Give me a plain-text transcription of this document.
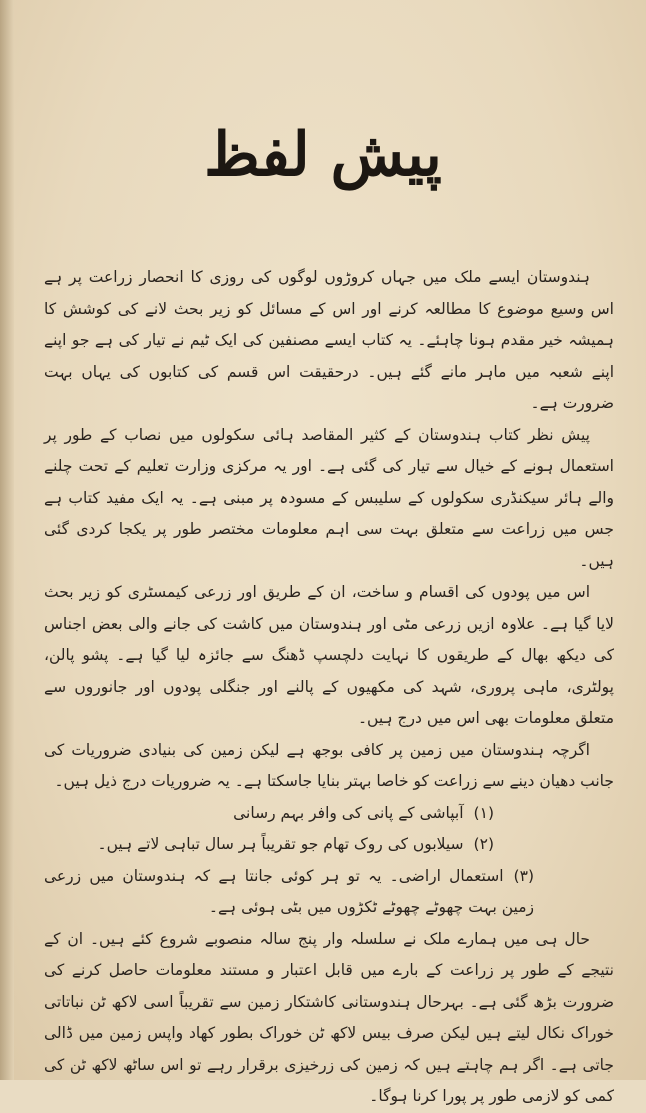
پیش لفظ

ہندوستان ایسے ملک میں جہاں کروڑوں لوگوں کی روزی کا انحصار زراعت پر ہے اس وسیع موضوع کا مطالعہ کرنے اور اس کے مسائل کو زیر بحث لانے کی کوشش کا ہمیشہ خیر مقدم ہونا چاہئے۔ یہ کتاب ایسے مصنفین کی ایک ٹیم نے تیار کی ہے جو اپنے اپنے شعبہ میں ماہر مانے گئے ہیں۔ درحقیقت اس قسم کی کتابوں کی یہاں بہت ضرورت ہے۔

پیش نظر کتاب ہندوستان کے کثیر المقاصد ہائی سکولوں میں نصاب کے طور پر استعمال ہونے کے خیال سے تیار کی گئی ہے۔ اور یہ مرکزی وزارت تعلیم کے تحت چلنے والے ہائر سیکنڈری سکولوں کے سلیبس کے مسودہ پر مبنی ہے۔ یہ ایک مفید کتاب ہے جس میں زراعت سے متعلق بہت سی اہم معلومات مختصر طور پر یکجا کردی گئی ہیں۔

اس میں پودوں کی اقسام و ساخت، ان کے طریق اور زرعی کیمسٹری کو زیر بحث لایا گیا ہے۔ علاوہ ازیں زرعی مٹی اور ہندوستان میں کاشت کی جانے والی بعض اجناس کی دیکھ بھال کے طریقوں کا نہایت دلچسپ ڈھنگ سے جائزہ لیا گیا ہے۔ پشو پالن، پولٹری، ماہی پروری، شہد کی مکھیوں کے پالنے اور جنگلی پودوں اور جانوروں سے متعلق معلومات بھی اس میں درج ہیں۔

اگرچہ ہندوستان میں زمین پر کافی بوجھ ہے لیکن زمین کی بنیادی ضروریات کی جانب دھیان دینے سے زراعت کو خاصا بہتر بنایا جاسکتا ہے۔ یہ ضروریات درج ذیل ہیں۔

(۱)آبپاشی کے پانی کی وافر بہم رسانی
(۲)سیلابوں کی روک تھام جو تقریباً ہر سال تباہی لاتے ہیں۔
(۳)استعمال اراضی۔ یہ تو ہر کوئی جانتا ہے کہ ہندوستان میں زرعی زمین بہت چھوٹے چھوٹے ٹکڑوں میں بٹی ہوئی ہے۔

حال ہی میں ہمارے ملک نے سلسلہ وار پنج سالہ منصوبے شروع کئے ہیں۔ ان کے نتیجے کے طور پر زراعت کے بارے میں قابل اعتبار و مستند معلومات حاصل کرنے کی ضرورت بڑھ گئی ہے۔ بہرحال ہندوستانی کاشتکار زمین سے تقریباً اسی لاکھ ٹن نباتاتی خوراک نکال لیتے ہیں لیکن صرف بیس لاکھ ٹن خوراک بطور کھاد واپس زمین میں ڈالی جاتی ہے۔ اگر ہم چاہتے ہیں کہ زمین کی زرخیزی برقرار رہے تو اس ساٹھ لاکھ ٹن کی کمی کو لازمی طور پر پورا کرنا ہوگا۔
